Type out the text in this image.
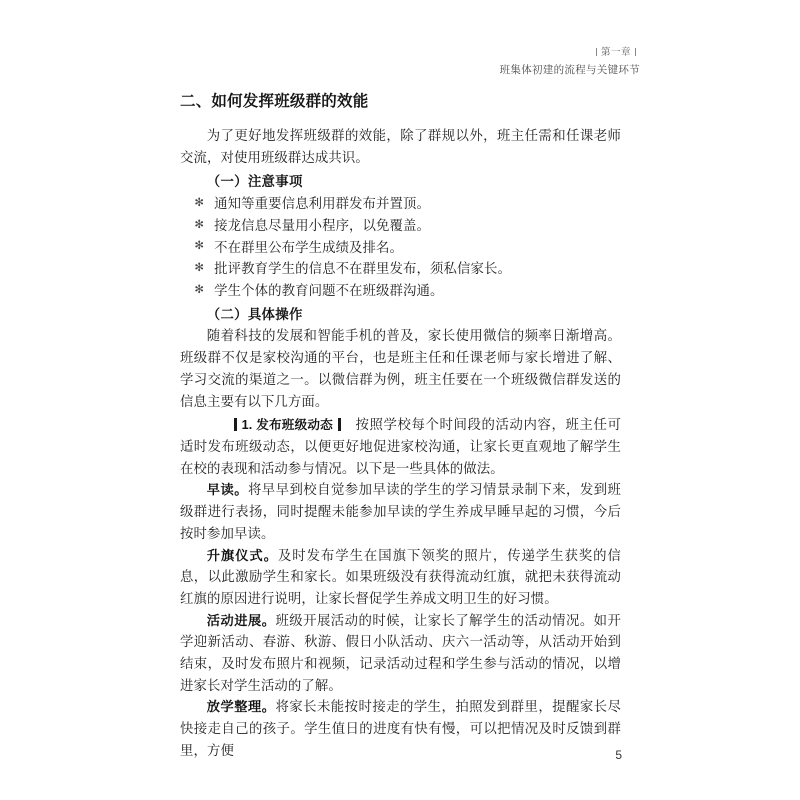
第一章
班集体初建的流程与关键环节
二、如何发挥班级群的效能

为了更好地发挥班级群的效能，除了群规以外，班主任需和任课老师交流，对使用班级群达成共识。

（一）注意事项
✻ 通知等重要信息利用群发布并置顶。
✻ 接龙信息尽量用小程序，以免覆盖。
✻ 不在群里公布学生成绩及排名。
✻ 批评教育学生的信息不在群里发布，须私信家长。
✻ 学生个体的教育问题不在班级群沟通。
（二）具体操作

随着科技的发展和智能手机的普及，家长使用微信的频率日渐增高。班级群不仅是家校沟通的平台，也是班主任和任课老师与家长增进了解、学习交流的渠道之一。以微信群为例，班主任要在一个班级微信群发送的信息主要有以下几方面。

1. 发布班级动态　 按照学校每个时间段的活动内容，班主任可适时发布班级动态，以便更好地促进家校沟通，让家长更直观地了解学生在校的表现和活动参与情况。以下是一些具体的做法。

早读。将早早到校自觉参加早读的学生的学习情景录制下来，发到班级群进行表扬，同时提醒未能参加早读的学生养成早睡早起的习惯，今后按时参加早读。

升旗仪式。及时发布学生在国旗下领奖的照片，传递学生获奖的信息，以此激励学生和家长。如果班级没有获得流动红旗，就把未获得流动红旗的原因进行说明，让家长督促学生养成文明卫生的好习惯。

活动进展。班级开展活动的时候，让家长了解学生的活动情况。如开学迎新活动、春游、秋游、假日小队活动、庆六一活动等，从活动开始到结束，及时发布照片和视频，记录活动过程和学生参与活动的情况，以增进家长对学生活动的了解。

放学整理。将家长未能按时接走的学生，拍照发到群里，提醒家长尽快接走自己的孩子。学生值日的进度有快有慢，可以把情况及时反馈到群里，方便	5
